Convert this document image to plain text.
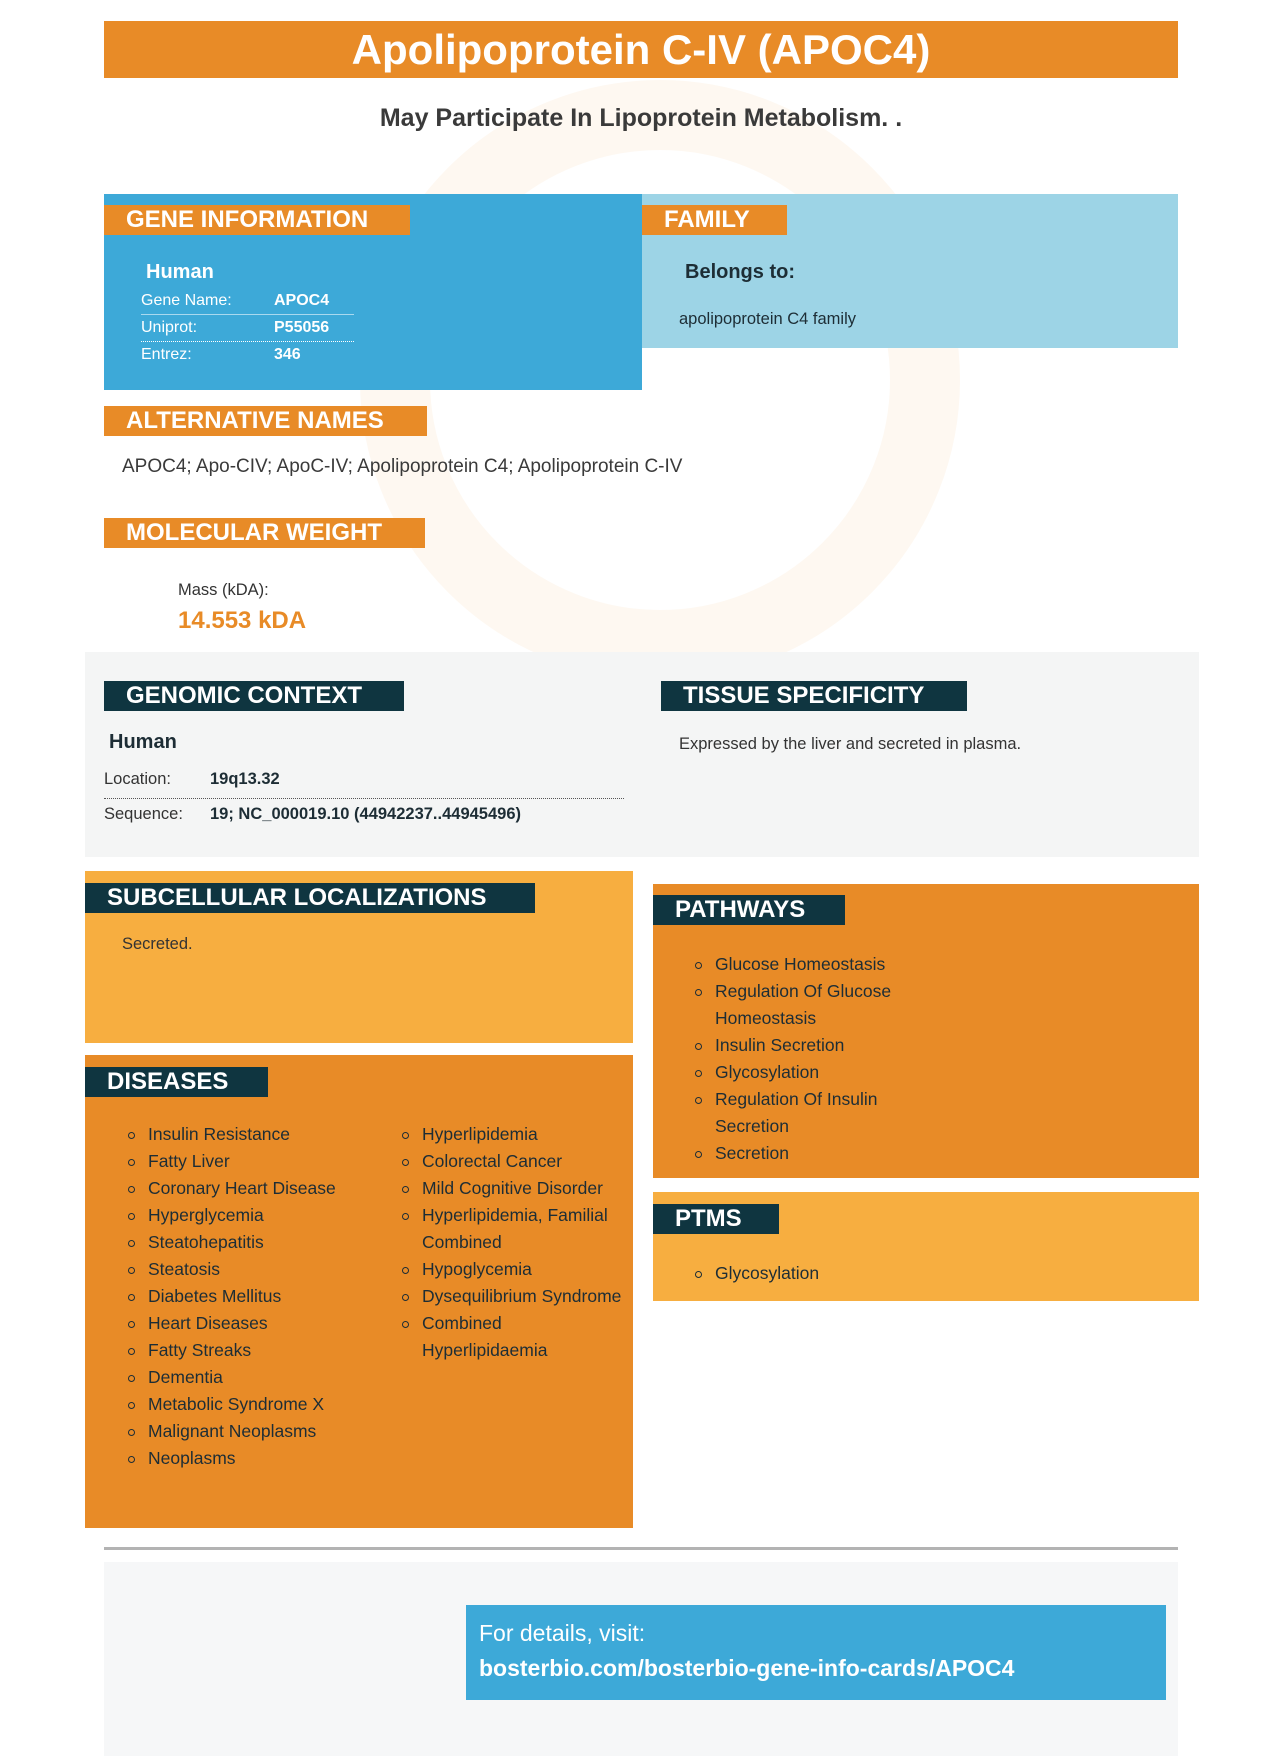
Apolipoprotein C-IV (APOC4)
May Participate In Lipoprotein Metabolism. .
GENE INFORMATION
Human
Gene Name:	APOC4
Uniprot:	P55056
Entrez:	346
FAMILY
Belongs to:
apolipoprotein C4 family
ALTERNATIVE NAMES
APOC4; Apo-CIV; ApoC-IV; Apolipoprotein C4; Apolipoprotein C-IV
MOLECULAR WEIGHT
Mass (kDA):
14.553 kDA
GENOMIC CONTEXT
Human
Location: 19q13.32
Sequence: 19; NC_000019.10 (44942237..44945496)
TISSUE SPECIFICITY
Expressed by the liver and secreted in plasma.
SUBCELLULAR LOCALIZATIONS
Secreted.
PATHWAYS
Glucose Homeostasis
Regulation Of Glucose Homeostasis
Insulin Secretion
Glycosylation
Regulation Of Insulin Secretion
Secretion
PTMS
Glycosylation
DISEASES
Insulin Resistance
Fatty Liver
Coronary Heart Disease
Hyperglycemia
Steatohepatitis
Steatosis
Diabetes Mellitus
Heart Diseases
Fatty Streaks
Dementia
Metabolic Syndrome X
Malignant Neoplasms
Neoplasms
Hyperlipidemia
Colorectal Cancer
Mild Cognitive Disorder
Hyperlipidemia, Familial Combined
Hypoglycemia
Dysequilibrium Syndrome
Combined Hyperlipidaemia
For details, visit:
bosterbio.com/bosterbio-gene-info-cards/APOC4
